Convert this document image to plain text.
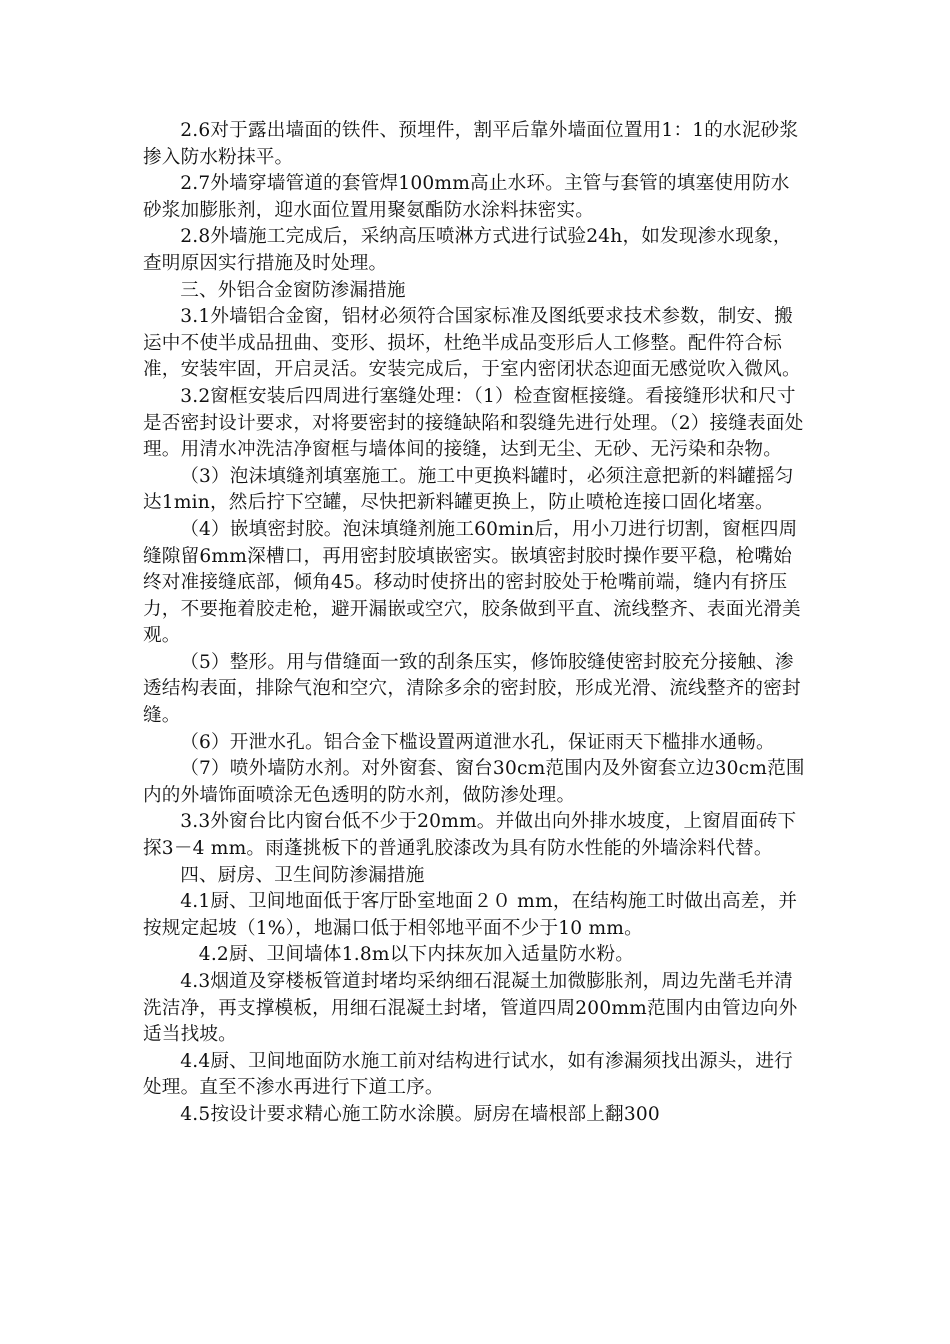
2.6对于露出墙面的铁件、预埋件，割平后靠外墙面位置用1：1的水泥砂浆掺入防水粉抹平。

2.7外墙穿墙管道的套管焊100mm高止水环。主管与套管的填塞使用防水砂浆加膨胀剂，迎水面位置用聚氨酯防水涂料抹密实。

2.8外墙施工完成后，采纳高压喷淋方式进行试验24h，如发现渗水现象，查明原因实行措施及时处理。

三、外铝合金窗防渗漏措施

3.1外墙铝合金窗，铝材必须符合国家标准及图纸要求技术参数，制安、搬运中不使半成品扭曲、变形、损坏，杜绝半成品变形后人工修整。配件符合标准，安装牢固，开启灵活。安装完成后，于室内密闭状态迎面无感觉吹入微风。

3.2窗框安装后四周进行塞缝处理：（1）检查窗框接缝。看接缝形状和尺寸是否密封设计要求，对将要密封的接缝缺陷和裂缝先进行处理。（2）接缝表面处理。用清水冲洗洁净窗框与墙体间的接缝，达到无尘、无砂、无污染和杂物。

（3）泡沫填缝剂填塞施工。施工中更换料罐时，必须注意把新的料罐摇匀达1min，然后拧下空罐，尽快把新料罐更换上，防止喷枪连接口固化堵塞。

（4）嵌填密封胶。泡沫填缝剂施工60min后，用小刀进行切割，窗框四周缝隙留6mm深槽口，再用密封胶填嵌密实。嵌填密封胶时操作要平稳，枪嘴始终对准接缝底部，倾角45。移动时使挤出的密封胶处于枪嘴前端，缝内有挤压力，不要拖着胶走枪，避开漏嵌或空穴，胶条做到平直、流线整齐、表面光滑美观。

（5）整形。用与借缝面一致的刮条压实，修饰胶缝使密封胶充分接触、渗透结构表面，排除气泡和空穴，清除多余的密封胶，形成光滑、流线整齐的密封缝。

（6）开泄水孔。铝合金下槛设置两道泄水孔，保证雨天下槛排水通畅。

（7）喷外墙防水剂。对外窗套、窗台30cm范围内及外窗套立边30cm范围内的外墙饰面喷涂无色透明的防水剂，做防渗处理。

3.3外窗台比内窗台低不少于20mm。并做出向外排水坡度，上窗眉面砖下探3－4 mm。雨蓬挑板下的普通乳胶漆改为具有防水性能的外墙涂料代替。

四、厨房、卫生间防渗漏措施

4.1厨、卫间地面低于客厅卧室地面２０ mm，在结构施工时做出高差，并按规定起坡（1%），地漏口低于相邻地平面不少于10 mm。

4.2厨、卫间墙体1.8m以下内抹灰加入适量防水粉。

4.3烟道及穿楼板管道封堵均采纳细石混凝土加微膨胀剂，周边先凿毛并清洗洁净，再支撑模板，用细石混凝土封堵，管道四周200mm范围内由管边向外适当找坡。

4.4厨、卫间地面防水施工前对结构进行试水，如有渗漏须找出源头，进行处理。直至不渗水再进行下道工序。

4.5按设计要求精心施工防水涂膜。厨房在墙根部上翻300
